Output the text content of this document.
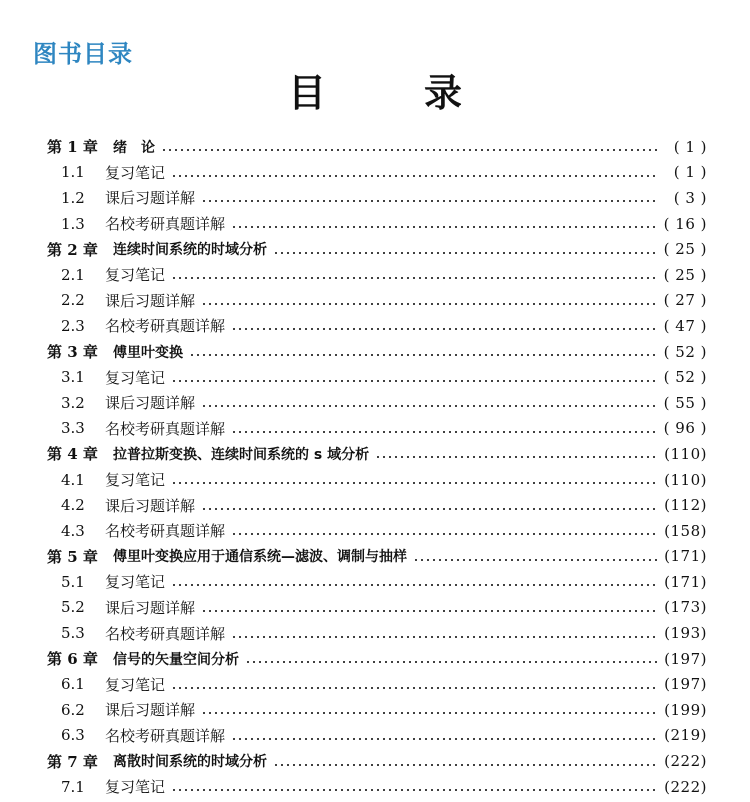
图书目录
目　录
第 1 章	绪　论	( 1 )
1.1	复习笔记	( 1 )
1.2	课后习题详解	( 3 )
1.3	名校考研真题详解	( 16 )
第 2 章	连续时间系统的时域分析	( 25 )
2.1	复习笔记	( 25 )
2.2	课后习题详解	( 27 )
2.3	名校考研真题详解	( 47 )
第 3 章	傅里叶变换	( 52 )
3.1	复习笔记	( 52 )
3.2	课后习题详解	( 55 )
3.3	名校考研真题详解	( 96 )
第 4 章	拉普拉斯变换、连续时间系统的 s 域分析	(110)
4.1	复习笔记	(110)
4.2	课后习题详解	(112)
4.3	名校考研真题详解	(158)
第 5 章	傅里叶变换应用于通信系统—滤波、调制与抽样	(171)
5.1	复习笔记	(171)
5.2	课后习题详解	(173)
5.3	名校考研真题详解	(193)
第 6 章	信号的矢量空间分析	(197)
6.1	复习笔记	(197)
6.2	课后习题详解	(199)
6.3	名校考研真题详解	(219)
第 7 章	离散时间系统的时域分析	(222)
7.1	复习笔记	(222)
